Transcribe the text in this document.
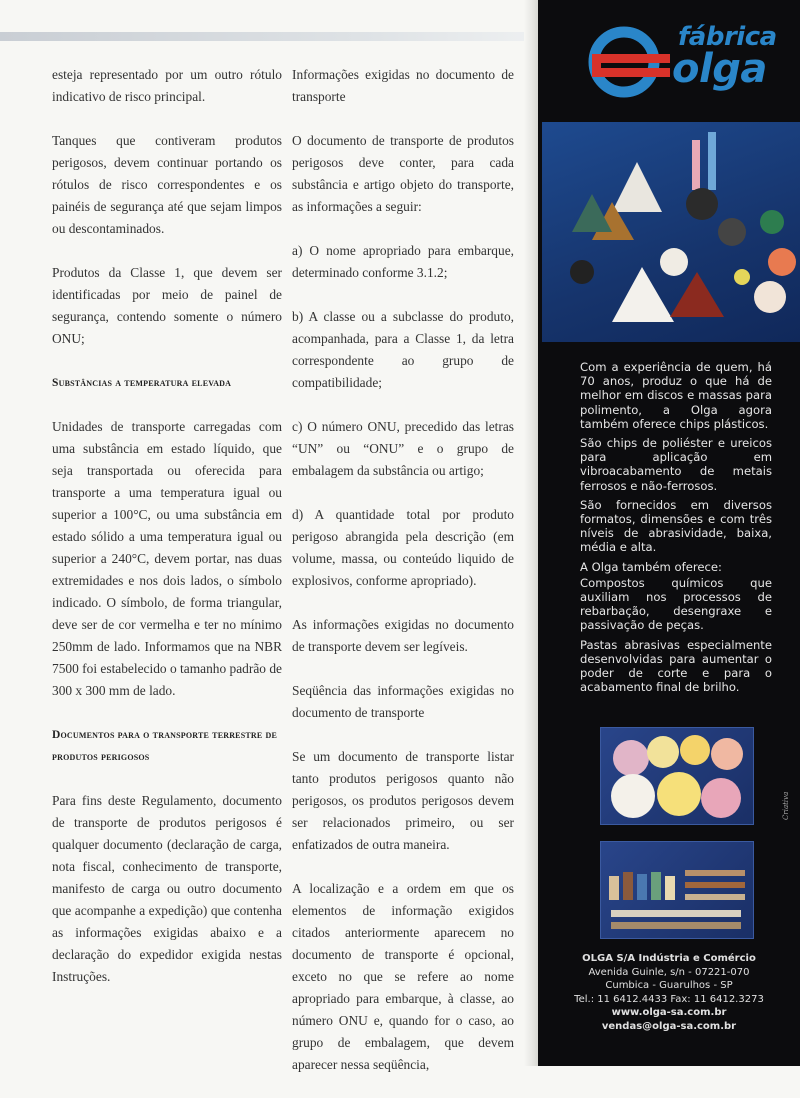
esteja representado por um outro rótulo indicativo de risco principal.

Tanques que contiveram produtos perigosos, devem continuar portando os rótulos de risco correspondentes e os painéis de segurança até que sejam limpos ou descontaminados.

Produtos da Classe 1, que devem ser identificadas por meio de painel de segurança, contendo somente o número ONU;

Substâncias a temperatura elevada

Unidades de transporte carregadas com uma substância em estado líquido, que seja transportada ou oferecida para transporte a uma temperatura igual ou superior a 100°C, ou uma substância em estado sólido a uma temperatura igual ou superior a 240°C, devem portar, nas duas extremidades e nos dois lados, o símbolo indicado. O símbolo, de forma triangular, deve ser de cor vermelha e ter no mínimo 250mm de lado. Informamos que na NBR 7500 foi estabelecido o tamanho padrão de 300 x 300 mm de lado.

Documentos para o transporte terrestre de produtos perigosos

Para fins deste Regulamento, documento de transporte de produtos perigosos é qualquer documento (declaração de carga, nota fiscal, conhecimento de transporte, manifesto de carga ou outro documento que acompanhe a expedição) que contenha as informações exigidas abaixo e a declaração do expedidor exigida nestas Instruções.

Informações exigidas no documento de transporte

O documento de transporte de produtos perigosos deve conter, para cada substância e artigo objeto do transporte, as informações a seguir:

a) O nome apropriado para embarque, determinado conforme 3.1.2;

b) A classe ou a subclasse do produto, acompanhada, para a Classe 1, da letra correspondente ao grupo de compatibilidade;

c) O número ONU, precedido das letras “UN” ou “ONU” e o grupo de embalagem da substância ou artigo;

d) A quantidade total por produto perigoso abrangida pela descrição (em volume, massa, ou conteúdo liquido de explosivos, conforme apropriado).

As informações exigidas no documento de transporte devem ser legíveis.

Seqüência das informações exigidas no documento de transporte

Se um documento de transporte listar tanto produtos perigosos quanto não perigosos, os produtos perigosos devem ser relacionados primeiro, ou ser enfatizados de outra maneira.

A localização e a ordem em que os elementos de informação exigidos citados anteriormente aparecem no documento de transporte é opcional, exceto no que se refere ao nome apropriado para embarque, à classe, ao número ONU e, quando for o caso, ao grupo de embalagem, que devem aparecer nessa seqüência,

fábrica
olga

Com a experiência de quem, há 70 anos, produz o que há de melhor em discos e massas para polimento, a Olga agora também oferece chips plásticos.

São chips de poliéster e ureicos para aplicação em vibroacabamento de metais ferrosos e não-ferrosos.

São fornecidos em diversos formatos, dimensões e com três níveis de abrasividade, baixa, média e alta.

A Olga também oferece:

Compostos químicos que auxiliam nos processos de rebarbação, desengraxe e passivação de peças.

Pastas abrasivas especialmente desenvolvidas para aumentar o poder de corte e para o acabamento final de brilho.

Criativa
OLGA S/A Indústria e Comércio
Avenida Guinle, s/n - 07221-070
Cumbica - Guarulhos - SP
Tel.: 11 6412.4433 Fax: 11 6412.3273
www.olga-sa.com.br
vendas@olga-sa.com.br
